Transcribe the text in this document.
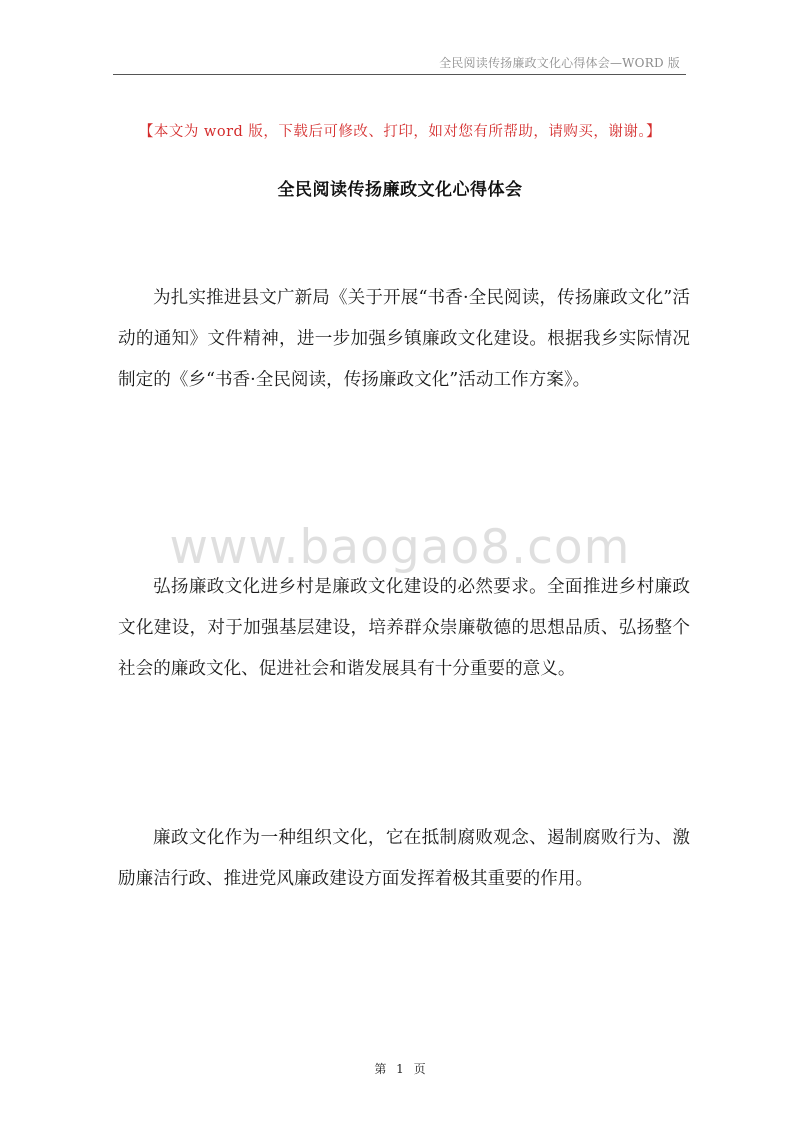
全民阅读传扬廉政文化心得体会—WORD 版
【本文为 word 版，下载后可修改、打印，如对您有所帮助，请购买，谢谢。】
全民阅读传扬廉政文化心得体会

为扎实推进县文广新局《关于开展“书香·全民阅读，传扬廉政文化”活动的通知》文件精神，进一步加强乡镇廉政文化建设。根据我乡实际情况制定的《乡“书香·全民阅读，传扬廉政文化”活动工作方案》。

www.baogao8.com

弘扬廉政文化进乡村是廉政文化建设的必然要求。全面推进乡村廉政文化建设，对于加强基层建设，培养群众崇廉敬德的思想品质、弘扬整个社会的廉政文化、促进社会和谐发展具有十分重要的意义。

廉政文化作为一种组织文化，它在抵制腐败观念、遏制腐败行为、激励廉洁行政、推进党风廉政建设方面发挥着极其重要的作用。

第 1 页
